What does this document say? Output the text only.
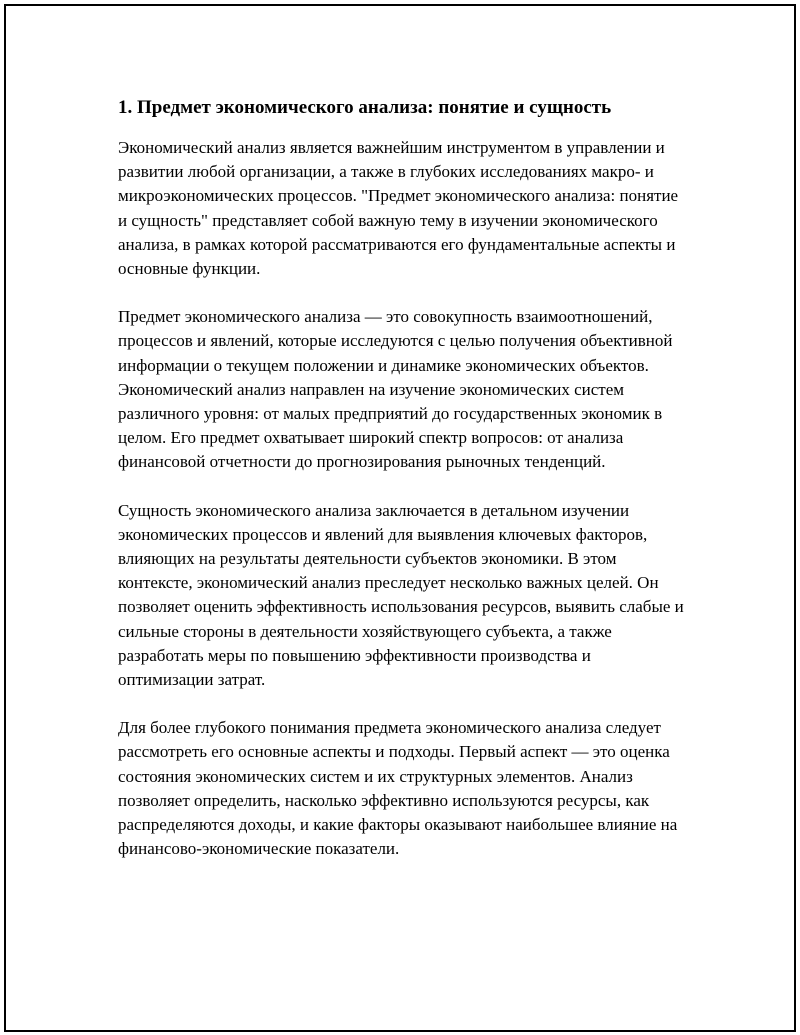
1. Предмет экономического анализа: понятие и сущность

Экономический анализ является важнейшим инструментом в управлении и развитии любой организации, а также в глубоких исследованиях макро- и микроэкономических процессов. "Предмет экономического анализа: понятие и сущность" представляет собой важную тему в изучении экономического анализа, в рамках которой рассматриваются его фундаментальные аспекты и основные функции.

Предмет экономического анализа — это совокупность взаимоотношений, процессов и явлений, которые исследуются с целью получения объективной информации о текущем положении и динамике экономических объектов. Экономический анализ направлен на изучение экономических систем различного уровня: от малых предприятий до государственных экономик в целом. Его предмет охватывает широкий спектр вопросов: от анализа финансовой отчетности до прогнозирования рыночных тенденций.

Сущность экономического анализа заключается в детальном изучении экономических процессов и явлений для выявления ключевых факторов, влияющих на результаты деятельности субъектов экономики. В этом контексте, экономический анализ преследует несколько важных целей. Он позволяет оценить эффективность использования ресурсов, выявить слабые и сильные стороны в деятельности хозяйствующего субъекта, а также разработать меры по повышению эффективности производства и оптимизации затрат.

Для более глубокого понимания предмета экономического анализа следует рассмотреть его основные аспекты и подходы. Первый аспект — это оценка состояния экономических систем и их структурных элементов. Анализ позволяет определить, насколько эффективно используются ресурсы, как распределяются доходы, и какие факторы оказывают наибольшее влияние на финансово-экономические показатели.
